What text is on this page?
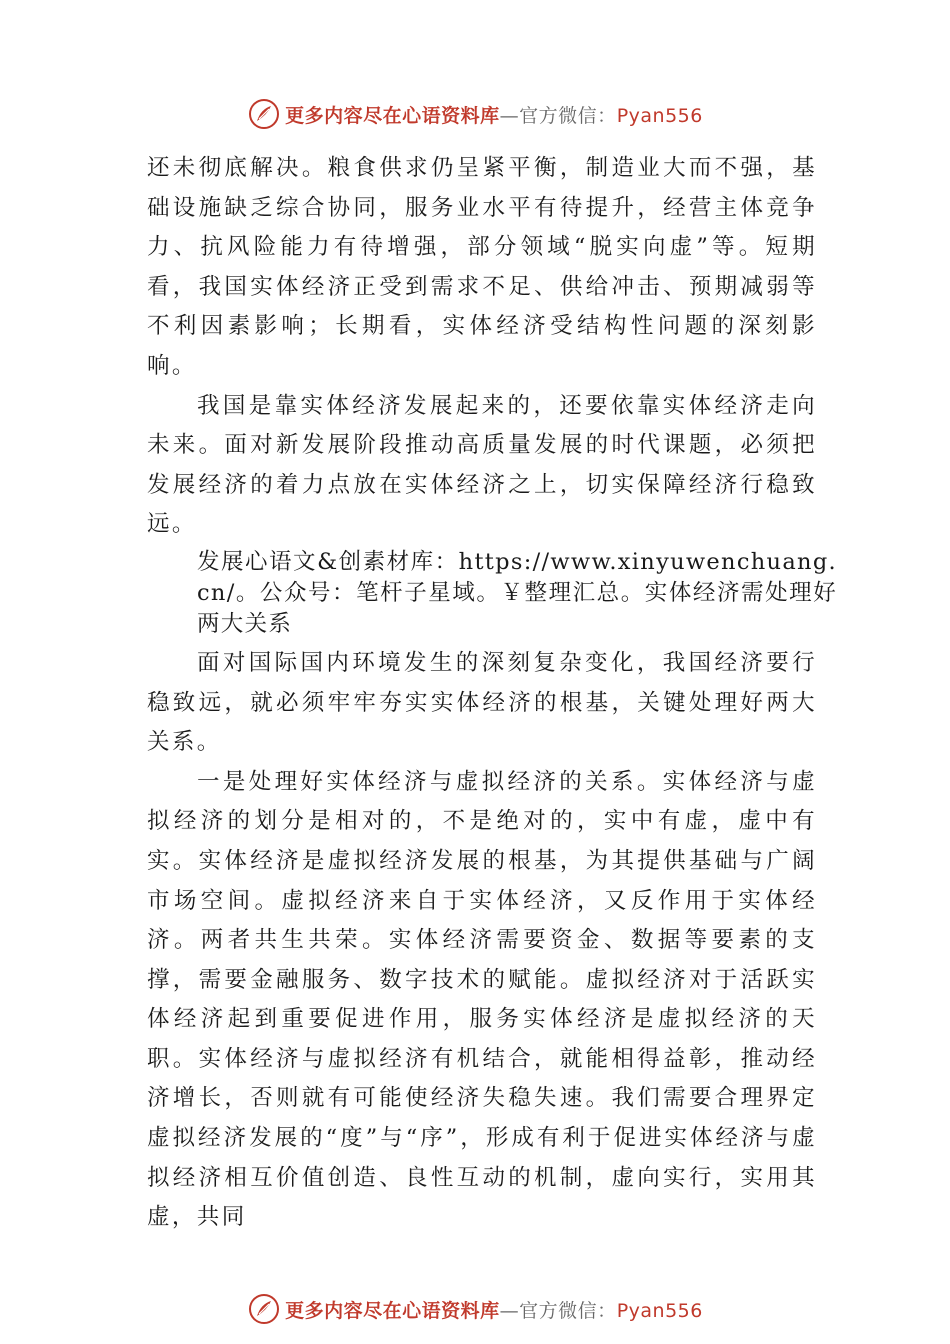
更多内容尽在心语资料库—官方微信：Pyan556

还未彻底解决。粮食供求仍呈紧平衡，制造业大而不强，基础设施缺乏综合协同，服务业水平有待提升，经营主体竞争力、抗风险能力有待增强，部分领域“脱实向虚”等。短期看，我国实体经济正受到需求不足、供给冲击、预期减弱等不利因素影响；长期看，实体经济受结构性问题的深刻影响。

我国是靠实体经济发展起来的，还要依靠实体经济走向未来。面对新发展阶段推动高质量发展的时代课题，必须把发展经济的着力点放在实体经济之上，切实保障经济行稳致远。

发展心语文&创素材库：https://www.xinyuwenchuang.cn/。公众号：笔杆子星域。￥整理汇总。实体经济需处理好两大关系

面对国际国内环境发生的深刻复杂变化，我国经济要行稳致远，就必须牢牢夯实实体经济的根基，关键处理好两大关系。

一是处理好实体经济与虚拟经济的关系。实体经济与虚拟经济的划分是相对的，不是绝对的，实中有虚，虚中有实。实体经济是虚拟经济发展的根基，为其提供基础与广阔市场空间。虚拟经济来自于实体经济，又反作用于实体经济。两者共生共荣。实体经济需要资金、数据等要素的支撑，需要金融服务、数字技术的赋能。虚拟经济对于活跃实体经济起到重要促进作用，服务实体经济是虚拟经济的天职。实体经济与虚拟经济有机结合，就能相得益彰，推动经济增长，否则就有可能使经济失稳失速。我们需要合理界定虚拟经济发展的“度”与“序”，形成有利于促进实体经济与虚拟经济相互价值创造、良性互动的机制，虚向实行，实用其虚，共同

更多内容尽在心语资料库—官方微信：Pyan556
